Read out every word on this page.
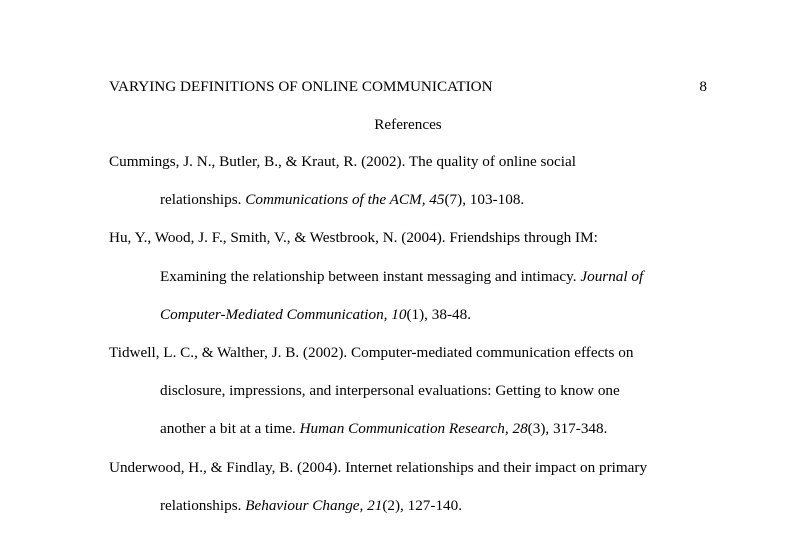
VARYING DEFINITIONS OF ONLINE COMMUNICATION	8
References
Cummings, J. N., Butler, B., & Kraut, R. (2002). The quality of online social
relationships. Communications of the ACM, 45(7), 103-108.
Hu, Y., Wood, J. F., Smith, V., & Westbrook, N. (2004). Friendships through IM:
Examining the relationship between instant messaging and intimacy. Journal of
Computer-Mediated Communication, 10(1), 38-48.
Tidwell, L. C., & Walther, J. B. (2002). Computer-mediated communication effects on
disclosure, impressions, and interpersonal evaluations: Getting to know one
another a bit at a time. Human Communication Research, 28(3), 317-348.
Underwood, H., & Findlay, B. (2004). Internet relationships and their impact on primary
relationships. Behaviour Change, 21(2), 127-140.
